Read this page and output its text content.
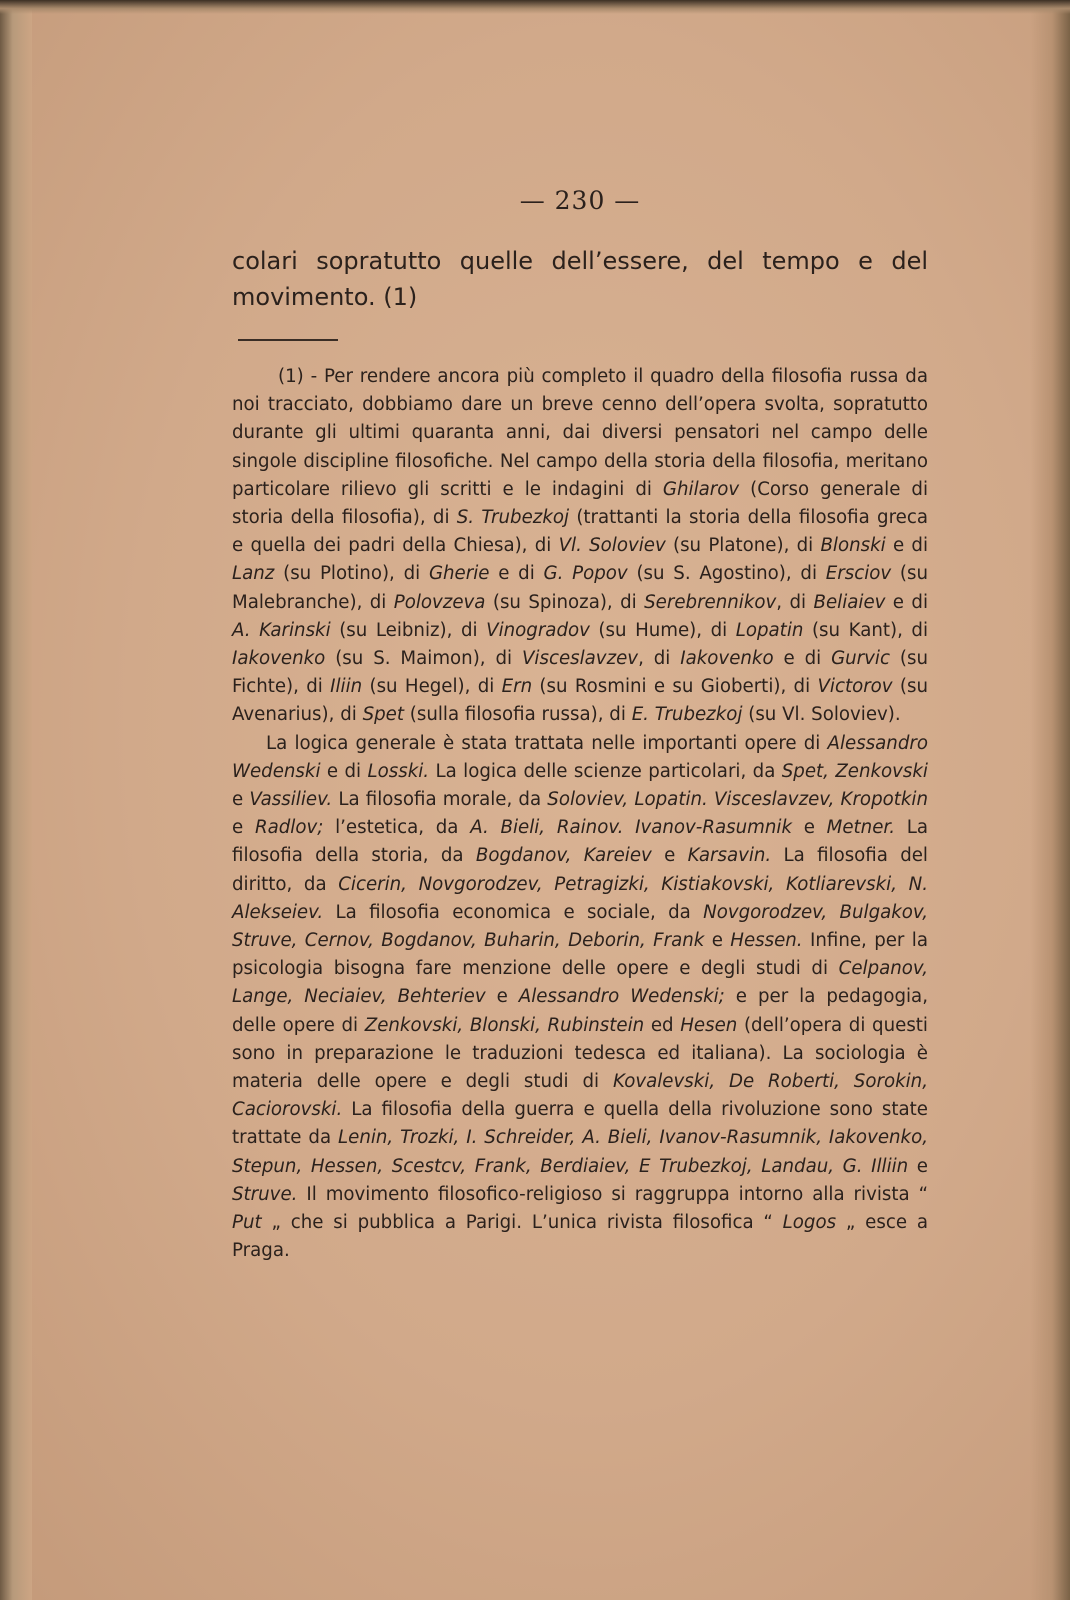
— 230 —

colari sopratutto quelle dell’essere, del tempo e del movimento. (1)

(1) - Per rendere ancora più completo il quadro della filosofia russa da noi tracciato, dobbiamo dare un breve cenno dell’opera svolta, sopratutto durante gli ultimi quaranta anni, dai diversi pensatori nel campo delle singole discipline filosofiche. Nel campo della storia della filosofia, meritano particolare rilievo gli scritti e le indagini di Ghilarov (Corso generale di storia della filosofia), di S. Trubezkoj (trattanti la storia della filosofia greca e quella dei padri della Chiesa), di Vl. Soloviev (su Platone), di Blonski e di Lanz (su Plotino), di Gherie e di G. Popov (su S. Agostino), di Ersciov (su Malebranche), di Polovzeva (su Spinoza), di Serebrennikov, di Beliaiev e di A. Karinski (su Leibniz), di Vinogradov (su Hume), di Lopatin (su Kant), di Iakovenko (su S. Maimon), di Visceslavzev, di Iakovenko e di Gurvic (su Fichte), di Iliin (su Hegel), di Ern (su Rosmini e su Gioberti), di Victorov (su Avenarius), di Spet (sulla filosofia russa), di E. Trubezkoj (su Vl. Soloviev).

La logica generale è stata trattata nelle importanti opere di Alessandro Wedenski e di Losski. La logica delle scienze particolari, da Spet, Zenkovski e Vassiliev. La filosofia morale, da Soloviev, Lopatin. Visceslavzev, Kropotkin e Radlov; l’estetica, da A. Bieli, Rainov. Ivanov-Rasumnik e Metner. La filosofia della storia, da Bogdanov, Kareiev e Karsavin. La filosofia del diritto, da Cicerin, Novgorodzev, Petragizki, Kistiakovski, Kotliarevski, N. Alekseiev. La filosofia economica e sociale, da Novgorodzev, Bulgakov, Struve, Cernov, Bogdanov, Buharin, Deborin, Frank e Hessen. Infine, per la psicologia bisogna fare menzione delle opere e degli studi di Celpanov, Lange, Neciaiev, Behteriev e Alessandro Wedenski; e per la pedagogia, delle opere di Zenkovski, Blonski, Rubinstein ed Hesen (dell’opera di questi sono in preparazione le traduzioni tedesca ed italiana). La sociologia è materia delle opere e degli studi di Kovalevski, De Roberti, Sorokin, Caciorovski. La filosofia della guerra e quella della rivoluzione sono state trattate da Lenin, Trozki, I. Schreider, A. Bieli, Ivanov-Rasumnik, Iakovenko, Stepun, Hessen, Scestcv, Frank, Berdiaiev, E Trubezkoj, Landau, G. Illiin e Struve. Il movimento filosofico-religioso si raggruppa intorno alla rivista “ Put „ che si pubblica a Parigi. L’unica rivista filosofica “ Logos „ esce a Praga.
